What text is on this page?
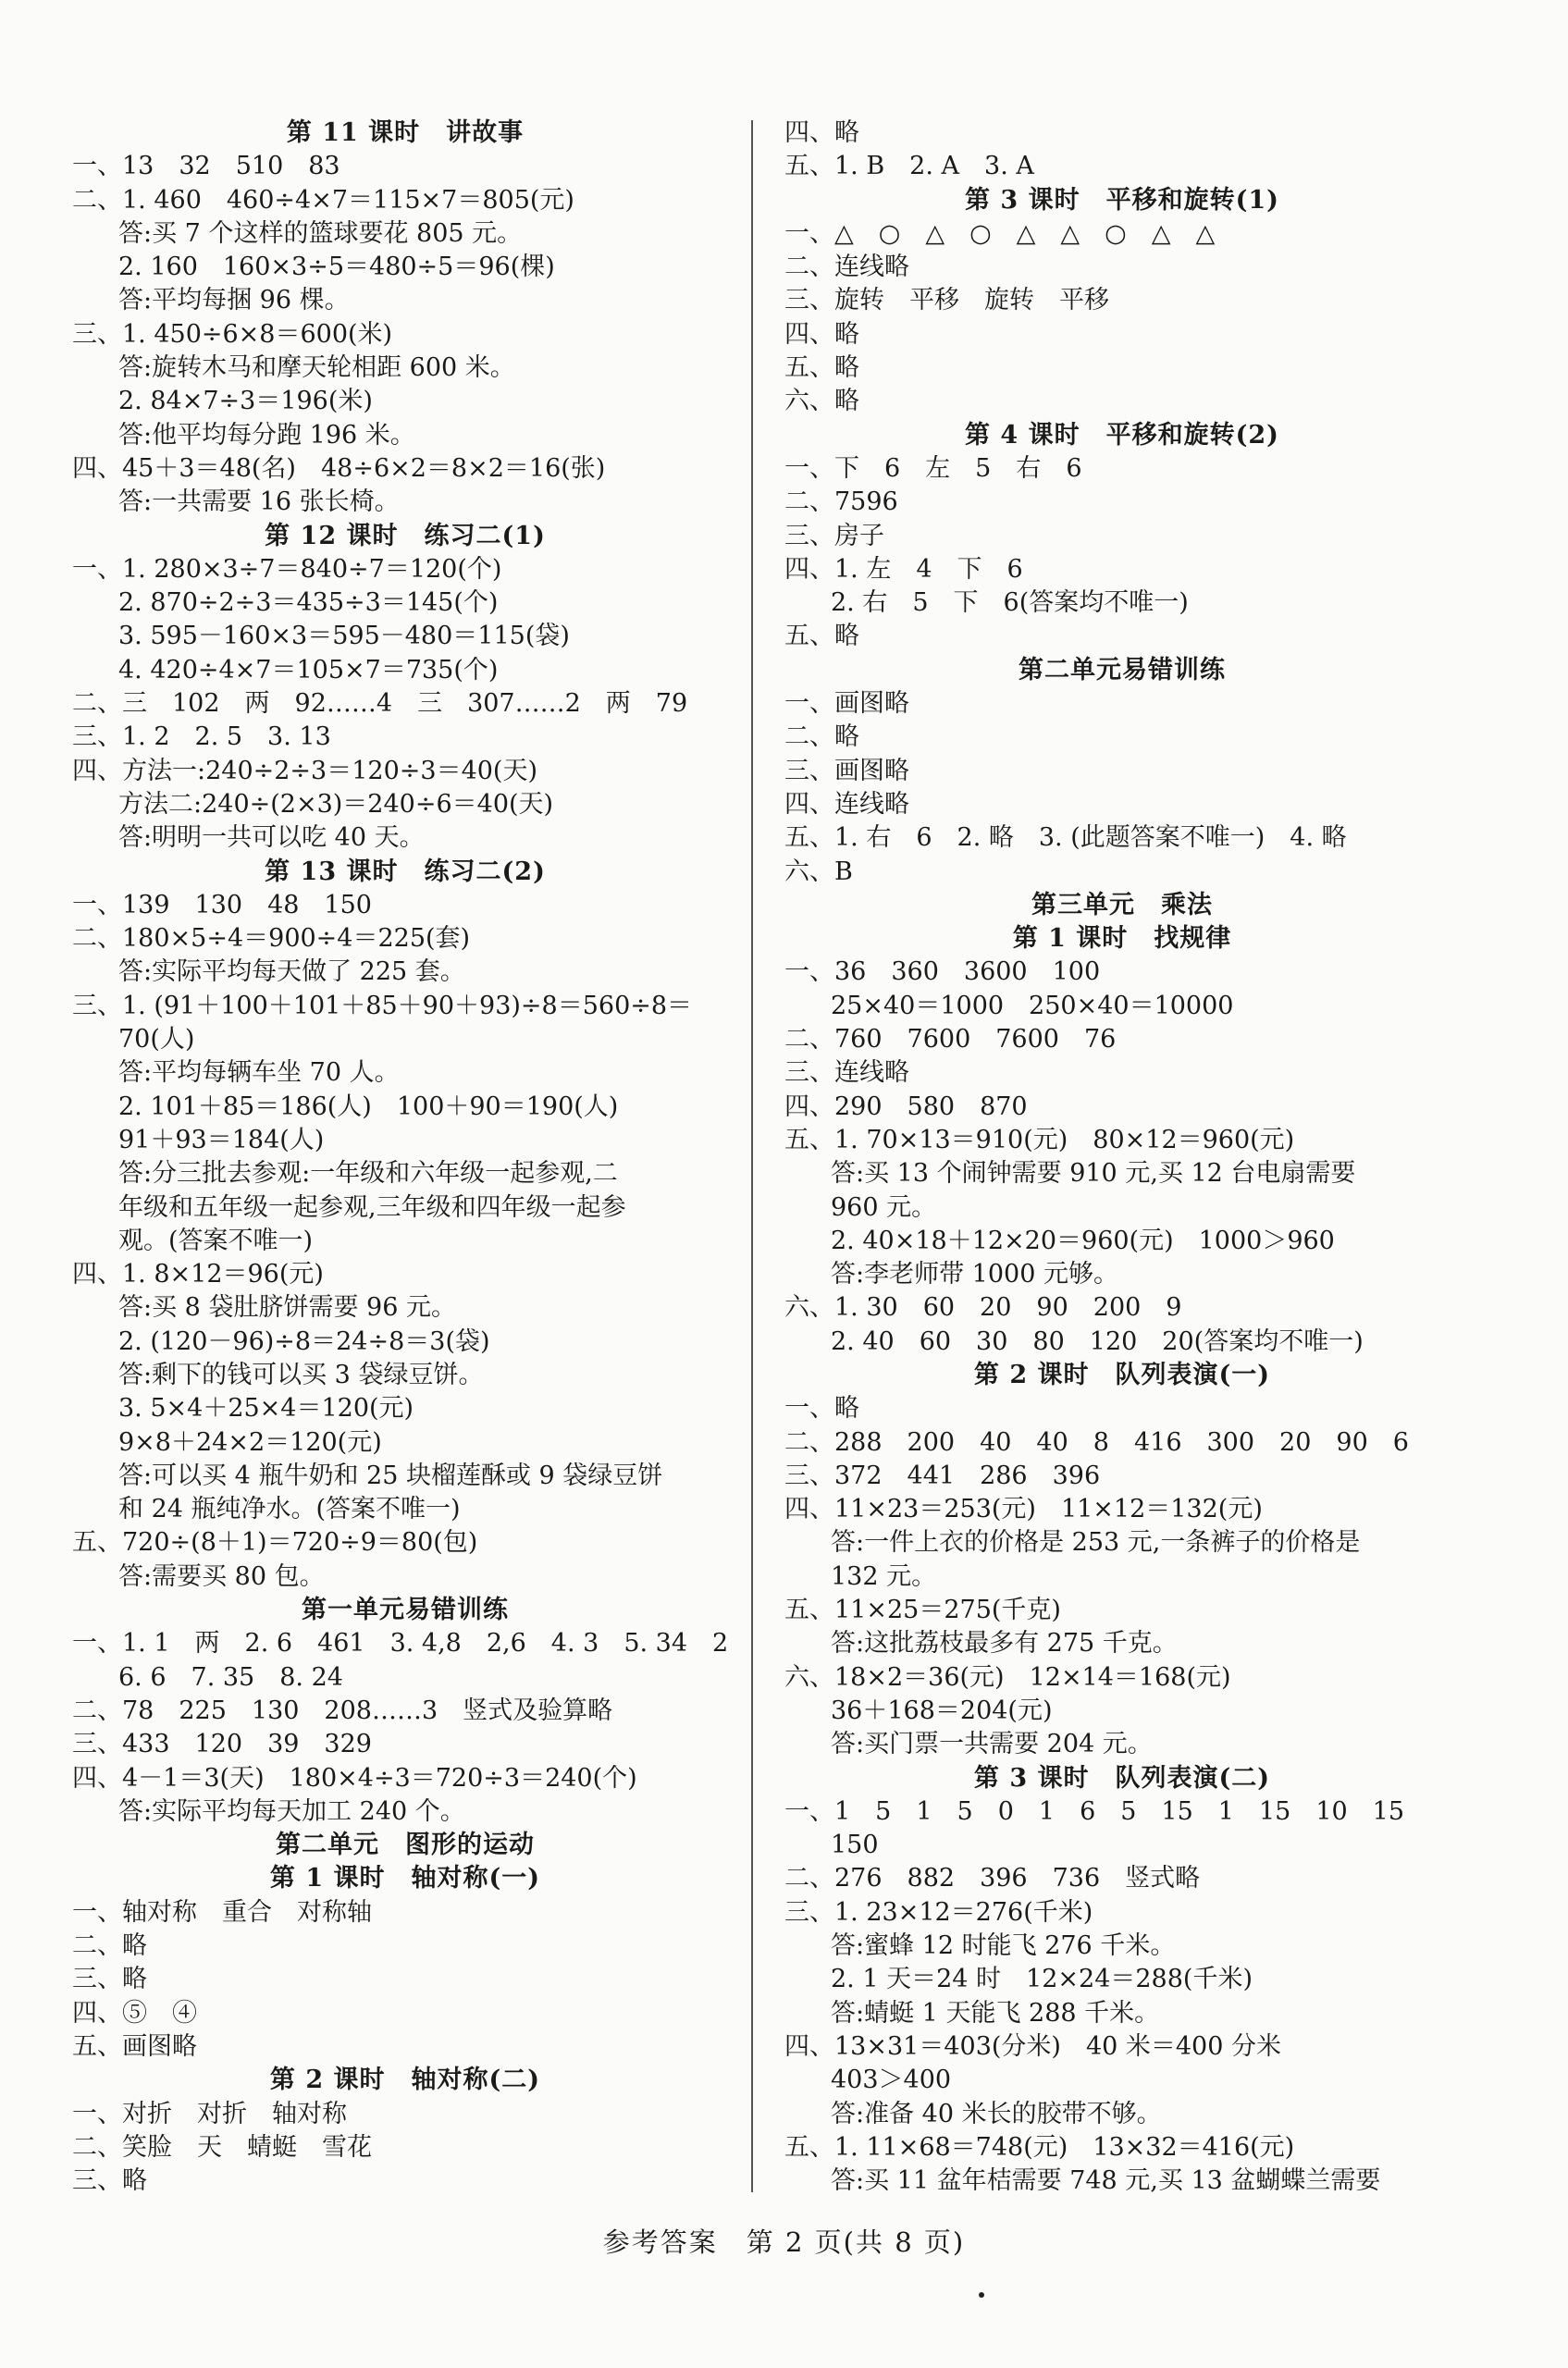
第 11 课时　讲故事
一、13　32　510　83
二、1. 460　460÷4×7＝115×7＝805(元)
答:买 7 个这样的篮球要花 805 元。
2. 160　160×3÷5＝480÷5＝96(棵)
答:平均每捆 96 棵。
三、1. 450÷6×8＝600(米)
答:旋转木马和摩天轮相距 600 米。
2. 84×7÷3＝196(米)
答:他平均每分跑 196 米。
四、45＋3＝48(名)　48÷6×2＝8×2＝16(张)
答:一共需要 16 张长椅。
第 12 课时　练习二(1)
一、1. 280×3÷7＝840÷7＝120(个)
2. 870÷2÷3＝435÷3＝145(个)
3. 595－160×3＝595－480＝115(袋)
4. 420÷4×7＝105×7＝735(个)
二、三　102　两　92……4　三　307……2　两　79
三、1. 2　2. 5　3. 13
四、方法一:240÷2÷3＝120÷3＝40(天)
方法二:240÷(2×3)＝240÷6＝40(天)
答:明明一共可以吃 40 天。
第 13 课时　练习二(2)
一、139　130　48　150
二、180×5÷4＝900÷4＝225(套)
答:实际平均每天做了 225 套。
三、1. (91＋100＋101＋85＋90＋93)÷8＝560÷8＝
70(人)
答:平均每辆车坐 70 人。
2. 101＋85＝186(人)　100＋90＝190(人)
91＋93＝184(人)
答:分三批去参观:一年级和六年级一起参观,二
年级和五年级一起参观,三年级和四年级一起参
观。(答案不唯一)
四、1. 8×12＝96(元)
答:买 8 袋肚脐饼需要 96 元。
2. (120－96)÷8＝24÷8＝3(袋)
答:剩下的钱可以买 3 袋绿豆饼。
3. 5×4＋25×4＝120(元)
9×8＋24×2＝120(元)
答:可以买 4 瓶牛奶和 25 块榴莲酥或 9 袋绿豆饼
和 24 瓶纯净水。(答案不唯一)
五、720÷(8＋1)＝720÷9＝80(包)
答:需要买 80 包。
第一单元易错训练
一、1. 1　两　2. 6　461　3. 4,8　2,6　4. 3　5. 34　2
6. 6　7. 35　8. 24
二、78　225　130　208……3　竖式及验算略
三、433　120　39　329
四、4－1＝3(天)　180×4÷3＝720÷3＝240(个)
答:实际平均每天加工 240 个。
第二单元　图形的运动
第 1 课时　轴对称(一)
一、轴对称　重合　对称轴
二、略
三、略
四、⑤　④
五、画图略
第 2 课时　轴对称(二)
一、对折　对折　轴对称
二、笑脸　天　蜻蜓　雪花
三、略
四、略
五、1. B　2. A　3. A
第 3 课时　平移和旋转(1)
一、△　○　△　○　△　△　○　△　△
二、连线略
三、旋转　平移　旋转　平移
四、略
五、略
六、略
第 4 课时　平移和旋转(2)
一、下　6　左　5　右　6
二、7596
三、房子
四、1. 左　4　下　6
2. 右　5　下　6(答案均不唯一)
五、略
第二单元易错训练
一、画图略
二、略
三、画图略
四、连线略
五、1. 右　6　2. 略　3. (此题答案不唯一)　4. 略
六、B
第三单元　乘法
第 1 课时　找规律
一、36　360　3600　100
25×40＝1000　250×40＝10000
二、760　7600　7600　76
三、连线略
四、290　580　870
五、1. 70×13＝910(元)　80×12＝960(元)
答:买 13 个闹钟需要 910 元,买 12 台电扇需要
960 元。
2. 40×18＋12×20＝960(元)　1000＞960
答:李老师带 1000 元够。
六、1. 30　60　20　90　200　9
2. 40　60　30　80　120　20(答案均不唯一)
第 2 课时　队列表演(一)
一、略
二、288　200　40　40　8　416　300　20　90　6
三、372　441　286　396
四、11×23＝253(元)　11×12＝132(元)
答:一件上衣的价格是 253 元,一条裤子的价格是
132 元。
五、11×25＝275(千克)
答:这批荔枝最多有 275 千克。
六、18×2＝36(元)　12×14＝168(元)
36＋168＝204(元)
答:买门票一共需要 204 元。
第 3 课时　队列表演(二)
一、1　5　1　5　0　1　6　5　15　1　15　10　15
150
二、276　882　396　736　竖式略
三、1. 23×12＝276(千米)
答:蜜蜂 12 时能飞 276 千米。
2. 1 天＝24 时　12×24＝288(千米)
答:蜻蜓 1 天能飞 288 千米。
四、13×31＝403(分米)　40 米＝400 分米
403＞400
答:准备 40 米长的胶带不够。
五、1. 11×68＝748(元)　13×32＝416(元)
答:买 11 盆年桔需要 748 元,买 13 盆蝴蝶兰需要
参考答案　第 2 页(共 8 页)
